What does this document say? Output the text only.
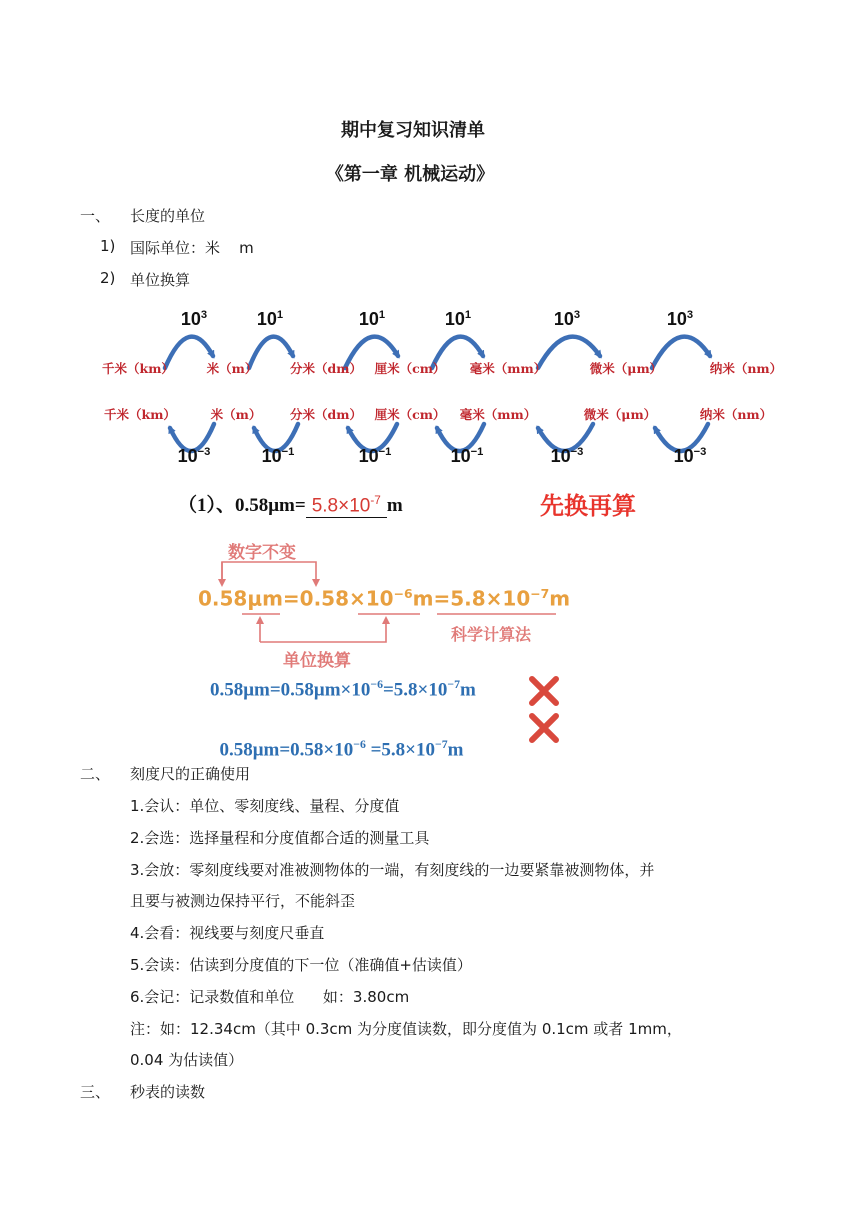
期中复习知识清单
《第一章 机械运动》
一、 长度的单位
1) 国际单位：米    m
2) 单位换算
千米（km）	米（m）	分米（dm）	厘米（cm）	毫米（mm）	微米（μm）	纳米（nm）
千米（km）	米（m）	分米（dm）	厘米（cm）	毫米（mm）	微米（μm）	纳米（nm）
$10^3$	$10^1$	$10^1$	$10^1$	$10^3$	$10^3$
$10^{-3}$	$10^{-1}$	$10^{-1}$	$10^{-1}$	$10^{-3}$	$10^{-3}$
（1）、$0.58\mu m= 5.8\times 10^{-7}$ m	先换再算
数字不变
$0.58\mu m=0.58\times 10^{-6}m=5.8\times 10^{-7}m$
科学计算法
单位换算
$0.58\mu m=0.58\mu m\times 10^{-6}=5.8\times 10^{-7}m$

$0.58\mu m=0.58\times 10^{-6} =5.8\times 10^{-7}m$

二、 刻度尺的正确使用
1.会认：单位、零刻度线、量程、分度值
2.会选：选择量程和分度值都合适的测量工具
3.会放：零刻度线要对准被测物体的一端，有刻度线的一边要紧靠被测物体，并
且要与被测边保持平行，不能斜歪
4.会看：视线要与刻度尺垂直
5.会读：估读到分度值的下一位（准确值+估读值）
6.会记：记录数值和单位      如：3.80cm
注：如：12.34cm（其中 0.3cm 为分度值读数，即分度值为 0.1cm 或者 1mm，
0.04 为估读值）
三、 秒表的读数
